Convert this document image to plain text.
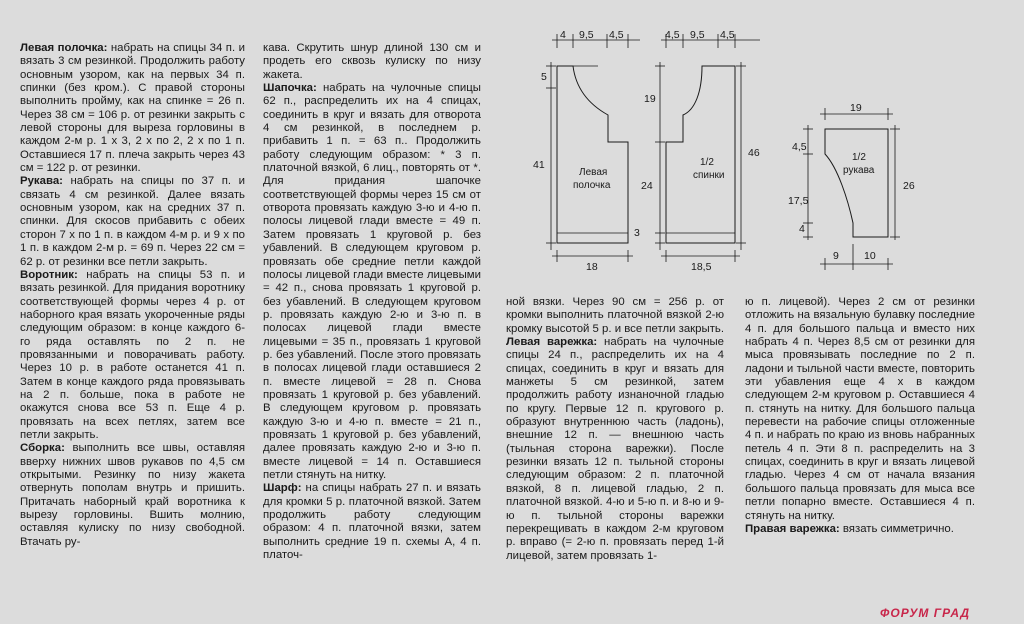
Левая полочка: набрать на спицы 34 п. и вязать 3 см резинкой. Продолжить работу основным узором, как на первых 34 п. спинки (без кром.). С правой стороны выполнить пройму, как на спинке = 26 п. Через 38 см = 106 р. от резинки закрыть с левой стороны для выреза горловины в каждом 2-м р. 1 х 3, 2 х по 2, 2 х по 1 п. Оставшиеся 17 п. плеча закрыть через 43 см = 122 р. от резинки.

Рукава: набрать на спицы по 37 п. и связать 4 см резинкой. Далее вязать основным узором, как на средних 37 п. спинки. Для скосов прибавить с обеих сторон 7 х по 1 п. в каждом 4-м р. и 9 х по 1 п. в каждом 2-м р. = 69 п. Через 22 см = 62 р. от резинки все петли закрыть.

Воротник: набрать на спицы 53 п. и вязать резинкой. Для придания воротнику соответствующей формы через 4 р. от наборного края вязать укороченные ряды следующим образом: в конце каждого 6-го ряда оставлять по 2 п. не провязанными и поворачивать работу. Через 10 р. в работе останется 41 п. Затем в конце каждого ряда провязывать на 2 п. больше, пока в работе не окажутся снова все 53 п. Еще 4 р. провязать на всех петлях, затем все петли закрыть.

Сборка: выполнить все швы, оставляя вверху нижних швов рукавов по 4,5 см открытыми. Резинку по низу жакета отвернуть пополам внутрь и пришить. Притачать наборный край воротника к вырезу горловины. Вшить молнию, оставляя кулиску по низу свободной. Втачать ру-

кава. Скрутить шнур длиной 130 см и продеть его сквозь кулиску по низу жакета.

Шапочка: набрать на чулочные спицы 62 п., распределить их на 4 спицах, соединить в круг и вязать для отворота 4 см резинкой, в последнем р. прибавить 1 п. = 63 п.. Продолжить работу следующим образом: * 3 п. платочной вязкой, 6 лиц., повторять от *. Для придания шапочке соответствующей формы через 15 см от отворота провязать каждую 3-ю и 4-ю п. полосы лицевой глади вместе = 49 п. Затем провязать 1 круговой р. без убавлений. В следующем круговом р. провязать обе средние петли каждой полосы лицевой глади вместе лицевыми = 42 п., снова провязать 1 круговой р. без убавлений. В следующем круговом р. провязать каждую 2-ю и 3-ю п. в полосах лицевой глади вместе лицевыми = 35 п., провязать 1 круговой р. без убавлений. После этого провязать в полосах лицевой глади оставшиеся 2 п. вместе лицевой = 28 п. Снова провязать 1 круговой р. без убавлений. В следующем круговом р. провязать каждую 3-ю и 4-ю п. вместе = 21 п., провязать 1 круговой р. без убавлений, далее провязать каждую 2-ю и 3-ю п. вместе лицевой = 14 п. Оставшиеся петли стянуть на нитку.

Шарф: на спицы набрать 27 п. и вязать для кромки 5 р. платочной вязкой. Затем продолжить работу следующим образом: 4 п. платочной вязки, затем выполнить средние 19 п. схемы А, 4 п. платоч-

ной вязки. Через 90 см = 256 р. от кромки выполнить платочной вязкой 2-ю кромку высотой 5 р. и все петли закрыть.

Левая варежка: набрать на чулочные спицы 24 п., распределить их на 4 спицах, соединить в круг и вязать для манжеты 5 см резинкой, затем продолжить работу изнаночной гладью по кругу. Первые 12 п. кругового р. образуют внутреннюю часть (ладонь), внешние 12 п. — внешнюю часть (тыльная сторона варежки). После резинки вязать 12 п. тыльной стороны следующим образом: 2 п. платочной вязкой, 8 п. лицевой гладью, 2 п. платочной вязкой. 4-ю и 5-ю п. и 8-ю и 9-ю п. тыльной стороны варежки перекрещивать в каждом 2-м круговом р. вправо (= 2-ю п. провязать перед 1-й лицевой, затем провязать 1-

ю п. лицевой). Через 2 см от резинки отложить на вязальную булавку последние 4 п. для большого пальца и вместо них набрать 4 п. Через 8,5 см от резинки для мыса провязывать последние по 2 п. ладони и тыльной части вместе, повторить эти убавления еще 4 х в каждом следующем 2-м круговом р. Оставшиеся 4 п. стянуть на нитку. Для большого пальца перевести на рабочие спицы отложенные 4 п. и набрать по краю из вновь набранных петель 4 п. Эти 8 п. распределить на 3 спицах, соединить в круг и вязать лицевой гладью. Через 4 см от начала вязания большого пальца провязать для мыса все петли попарно вместе. Оставшиеся 4 п. стянуть на нитку.

Правая варежка: вязать симметрично.

4 9,5 4,5
5
41
18
Левая
полочка
4,5 9,5 4,5
19
24
3
46
18,5
1/2
спинки
19
4,5
17,5
4
26
9 10
1/2
рукава
ФОРУМ ГРАД
